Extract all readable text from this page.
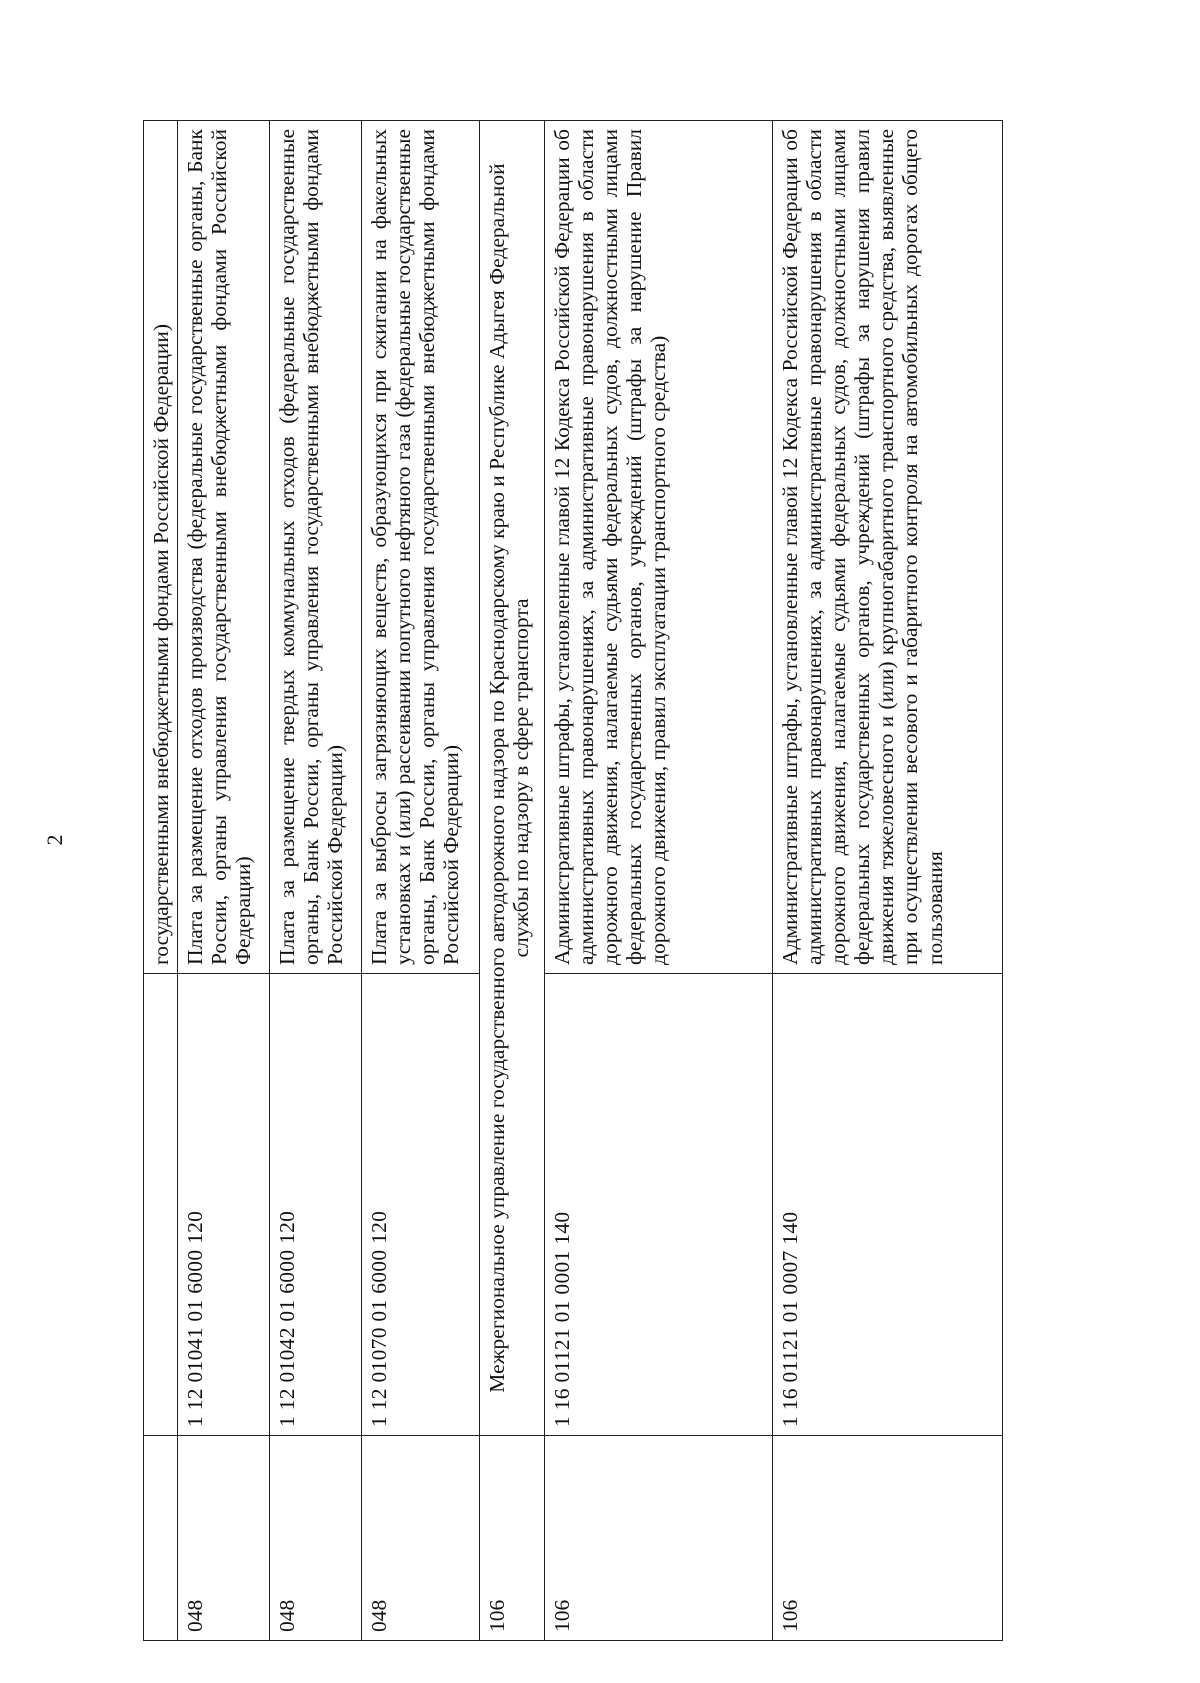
2
			государственными внебюджетными фондами Российской Федерации)
048	1 12 01041 01 6000 120	Плата за размещение отходов производства (федеральные государственные органы, Банк России, органы управления государственными внебюджетными фондами Российской Федерации)
048	1 12 01042 01 6000 120	Плата за размещение твердых коммунальных отходов (федеральные государственные органы, Банк России, органы управления государственными внебюджетными фондами Российской Федерации)
048	1 12 01070 01 6000 120	Плата за выбросы загрязняющих веществ, образующихся при сжигании на факельных установках и (или) рассеивании попутного нефтяного газа (федеральные государственные органы, Банк России, органы управления государственными внебюджетными фондами Российской Федерации)
106	Межрегиональное управление государственного автодорожного надзора по Краснодарскому краю и Республике Адыгея Федеральной службы по надзору в сфере транспорта	
106	1 16 01121 01 0001 140	Административные штрафы, установленные главой 12 Кодекса Российской Федерации об административных правонарушениях, за административные правонарушения в области дорожного движения, налагаемые судьями федеральных судов, должностными лицами федеральных государственных органов, учреждений (штрафы за нарушение Правил дорожного движения, правил эксплуатации транспортного средства)
106	1 16 01121 01 0007 140	Административные штрафы, установленные главой 12 Кодекса Российской Федерации об административных правонарушениях, за административные правонарушения в области дорожного движения, налагаемые судьями федеральных судов, должностными лицами федеральных государственных органов, учреждений (штрафы за нарушения правил движения тяжеловесного и (или) крупногабаритного транспортного средства, выявленные при осуществлении весового и габаритного контроля на автомобильных дорогах общего пользования
